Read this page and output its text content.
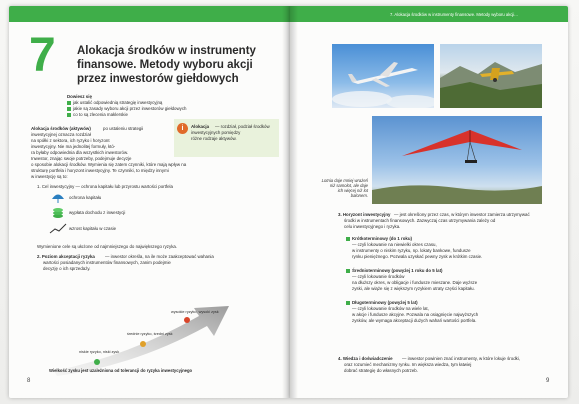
7 Alokacja środków w instrumenty finansowe. Metody wyboru akcji przez inwestorów giełdowych
Dowiesz się
jak ustalić odpowiednią strategię inwestycyjną
jakie są zasady wyboru akcji przez inwestorów giełdowych
co to są zlecenia maklerskie
Alokacja środków (aktywów)	po ustaleniu strategii
inwestycyjnej oznacza rozdział
na spółki z sektora, ich ryzyko i horyzont
inwestycyjny. Nie ma jednolitej formuły, któ-
ra byłaby odpowiednia dla wszystkich inwestorów.
Inwestor, znając swoje potrzeby, podejmuje decyzje
o sposobie alokacji środków. Wymienia się zatem czynniki, które mają wpływ na
strukturę portfela i horyzont inwestycyjny. Te czynniki, to między innymi
w inwestycję są to:
i	Alokacja — rozdział, podział środków
inwestycyjnych pomiędzy
różne rodzaje aktywów.
1. Cel inwestycyjny — ochrona kapitału lub przyrostu wartości portfela
ochrona kapitału
wypłata dochodu z inwestycji
wzrost kapitału w czasie
Wymienione cele są ułożone od najmniejszego do największego ryzyka.
2. Poziom akceptacji ryzyka — inwestor określa, na ile może zaakceptować wahania
wartości posiadanych instrumentów finansowych, zanim podejmie
decyzję o ich sprzedaży.
niskie ryzyko, niski zysk
średnie ryzyko, średni zysk
wysokie ryzyko, wysoki zysk
Wielkość zysku jest uzależniona od tolerancji do ryzyka inwestycyjnego
8
7. Alokacja środków w instrumenty finansowe. Metody wyboru akcji...
Lotnia daje mniej wrażeń
niż samolot, ale daje
ich więcej niż lot
balonem.
3. Horyzont inwestycyjny — jest określony przez czas, w którym inwestor zamierza utrzymywać
środki w instrumentach finansowych. Zazwyczaj czas utrzymywania zależy od
celu inwestycyjnego i ryzyka.
Krótkoterminowy (do 1 roku)
— czyli lokowanie na niewielki okres czasu,
w instrumenty o niskim ryzyku, np. lokaty bankowe, fundusze
rynku pieniężnego. Pozwala uzyskać pewny zysk w krótkim czasie.
Średnioterminowy (powyżej 1 roku do 5 lat)
— czyli lokowanie środków
na dłuższy okres, w obligacje i fundusze mieszane. Daje wyższe
zyski, ale wiąże się z większym ryzykiem utraty części kapitału.
Długoterminowy (powyżej 5 lat)
— czyli lokowanie środków na wiele lat,
w akcje i fundusze akcyjne. Pozwala na osiągnięcie najwyższych
zysków, ale wymaga akceptacji dużych wahań wartości portfela.
4. Wiedza i doświadczenie — inwestor powinien znać instrumenty, w które lokuje środki,
oraz rozumieć mechanizmy rynku. Im większa wiedza, tym łatwiej
dobrać strategię do własnych potrzeb.
9
